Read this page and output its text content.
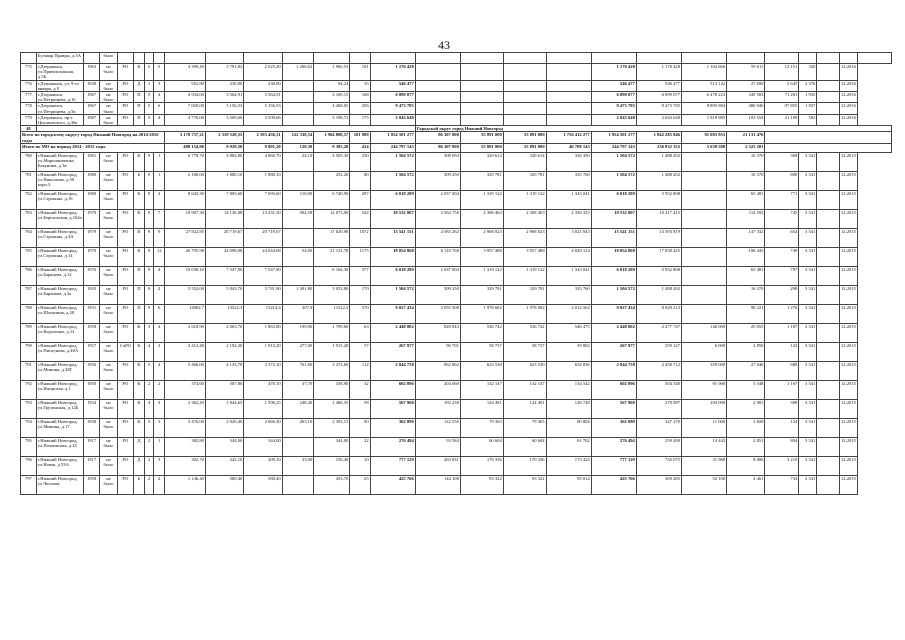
43
	Бульвар Правды, д.3А		было																								
775	г.Дзержинск, ул.Привокзальная, д.5Б	1963	не было	РО	К	5	5	4 399,49	3 791,82	2 525,20	1 266,62	1 960,53	101	1 176 428					1 176 428	1 176 428	1 104 666	59 611	12 151	330		12.2016	
776	г.Дзержинск, ул. 9-го января, д.9	1938	не было	РО	Д	1	3	952,80	230,00	230,00		94,24	35	546 477					546 477	546 477	513 142	27 690	5 645	2 376		12.2016	
777	г.Дзержинск, ул.Петрищева, д.16	1967	не было	РО	П	5	4	4 934,00	3 564,91	3 564,91		3 169,15	168	6 899 077					6 899 077	6 899 077	6 478 223	349 583	71 261	1 935		12.2016	
778	г.Дзержинск, ул.Петрищева, д.5в	1967	не было	РО	П	5	6	7 020,00	5 156,53	5 156,53		4 268,05	256	9 473 785					9 473 785	9 473 785	8 895 884	480 046	97 855	1 837		12.2016	
779	г.Дзержинск, пр-т Циолковского, д.36а	1987	не было	РО	П	5	4	4 776,00	3 509,66	3 509,66		3 198,72	175	2 043 648					2 043 648	2 043 648	1 918 985	103 554	21 109	582		12.2016	
48															Городской округ город Нижний Новгород												
Всего по городскому округу город Нижний Новгород на 2014-2016 годы								3 170 737,21	2 339 528,55	2 193 456,31	122 338,54	1 964 808,57	101 989	1 954 501 277	86 307 000	55 891 000	55 891 000	1 756 412 277	1 954 501 277	1 842 285 846	91 083 955	21 131 476					
Итого по МО на период 2014 - 2015 годы								488 154,06	9 929,50	9 801,20	128,30	9 385,20	414	244 797 143	86 307 000	55 891 000	55 891 000	46 708 143	244 797 143	236 832 352	5 639 588	2 325 203					
780	г.Нижний Новгород, ул.Мирошниченко Бакунина, д.3в	1981	не было	РО	К	9	1	6 778,70	4 884,80	4 860,70	24,10	4 505,30	230	1 504 572	508 094	329 614	329 614	336 350	1 504 572	1 488 202		16 370	308	3 541		12.2015	
781	г.Нижний Новгород, ул.Николаева, д.50 корп.3	1980	не было	РО	Б	9	1	2 186,00	1 880,10	1 880,10		252,20	80	1 504 572	509 250	329 781	329 781	335 760	1 504 572	1 488 202		16 370	800	3 541		12.2015	
782	г.Нижний Новгород, ул.Строкина, д.16	1980	не было	РО	К	9	4	8 643,30	7 805,60	7 695,60	110,00	6 740,90	297	6 018 289	2 037 004	1 319 122	1 319 122	1 343 041	6 018 289	5 952 808		65 481	771	3 541		12.2015	
783	г.Нижний Новгород, ул.Березовская, д.104а	1979	не было	РО	К	9	7	18 907,30	14 136,08	13 231,50	904,58	12 073,90	544	10 532 007	3 564 756	2 308 463	2 308 463	2 350 325	10 532 007	10 417 415		114 592	745	3 541		12.2015	
784	г.Нижний Новгород, ул.Строкина, д.3А	1979	не было	РО	П	9	9	27 822,85	20 719,67	20 719,67		17 620,98	1072	13 541 151	4 583 262	2 968 023	2 968 023	3 021 843	13 541 151	13 393 819		147 332	654	3 541		12.2015	
785	г.Нижний Новгород, ул.Строкина, д.14	1979	не было	РО	К	9	12	26 795,98	24 098,08	24 044,08	54,00	21 131,78	1175	18 054 868	6 110 768	3 957 488	3 957 488	4 029 124	18 054 868	17 858 425		196 443	749	3 541		12.2015	
786	г.Нижний Новгород, ул.Баранова, д.12	1976	не было	РО	П	9	4	10 030,10	7 547,90	7 547,90		6 164,30	377	6 018 289	2 037 004	1 319 122	1 319 122	1 343 041	6 018 289	5 952 808		65 481	797	3 541		12.2015	
787	г.Нижний Новгород, ул.Баранова, д.3а	1935	не было	РО	П	9	2	5 552,00	5 043,70	3 741,90	1 301,80	3 053,80	170	1 504 572	509 250	329 781	329 781	335 760	1 504 572	1 488 202		16 370	298	3 541		12.2015	
788	г.Нижний Новгород, ул.Шаляпина, д.20	1931	не было	РО	П	9	6	14982,7	13522,3	13214,4	307,9	11522,3	570	9 027 434	3 055 508	1 978 682	1 978 682	2 014 562	9 027 434	8 929 213		98 221	1 276	3 541		12.2015	
789	г.Нижний Новгород, ул.Короленко, д.12	1958	не было	РО	К	3	4	2 618,90	2 063,70	1 863,80	199,90	1 799,60	63	2 448 802	828 843	536 742	536 742	546 475	2 448 802	2 277 747	146 000	25 055	1 187	3 541		12.2015	
790	г.Нижний Новгород, ул.Пискунова, д.40А	1957	не было	СчРО	К	4	2	2 412,40	2 192,20	1 915,20	277,00	1 915,20	57	267 977	90 701	58 737	58 737	59 802	267 977	259 127	6 000	2 850	122	3 541		12.2015	
791	г.Нижний Новгород, ул.Минина, д.38Г	1956	не было	РО	К	5	4	5 466,00	4 133,70	3 372,10	761,60	3 372,60	112	2 844 758	962 862	623 530	623 530	634 836	2 844 758	2 458 712	359 000	27 046	688	3 541		12.2015	
792	г.Нижний Новгород, ул.Ижорская, д.1	1950	не было	РО	К	2	2	374,60	507,80	470,10	37,70	338,90	32	602 896	204 060	132 147	132 147	134 542	602 896	504 348	91 000	5 548	1 167	3 541		12.2015	
793	г.Нижний Новгород, ул.Грузинская, д.12Б	1934	не было	РО	К	4	3	2 362,20	1 844,65	1 596,25	248,40	1 466,35	58	567 968	192 238	124 491	124 491	126 748	567 968	270 087	294 000	2 981	308	3 541		12.2015	
794	г.Нижний Новгород, ул.Минина, д.17	1930	не было	РО	К	5	3	3 476,00	2 929,40	2 666,30	263,10	2 393,15	90	362 090	122 556	79 365	79 365	80 804	362 090	347 270	11 000	3 820	124	3 541		12.2015	
795	г.Нижний Новгород, ул.Почаинская, д.25	1917	не было	РО	Д	2	1	382,80	344,00	344,00		344,00	22	276 494	93 584	60 604	60 604	61 702	276 494	259 200	14 443	2 851	804	3 541		12.2015	
796	г.Нижний Новгород, ул.Новая, д.53А	1917	не было	РО	Д	2	3	302,70	242,10	209,10	33,00	156,40	10	777 129	263 031	170 336	170 336	173 424	777 129	735 075	31 968	8 086	3 210	3 541		12.2015	
797	г.Нижний Новгород, ул.Чкалова,	1958	не было	РО	Б	2	2	1 146,40	580,40	580,40		453,70	25	425 766	144 108	93 322	93 322	95 014	425 766	369 205	52 100	4 461	734	3 541		12.2015	
